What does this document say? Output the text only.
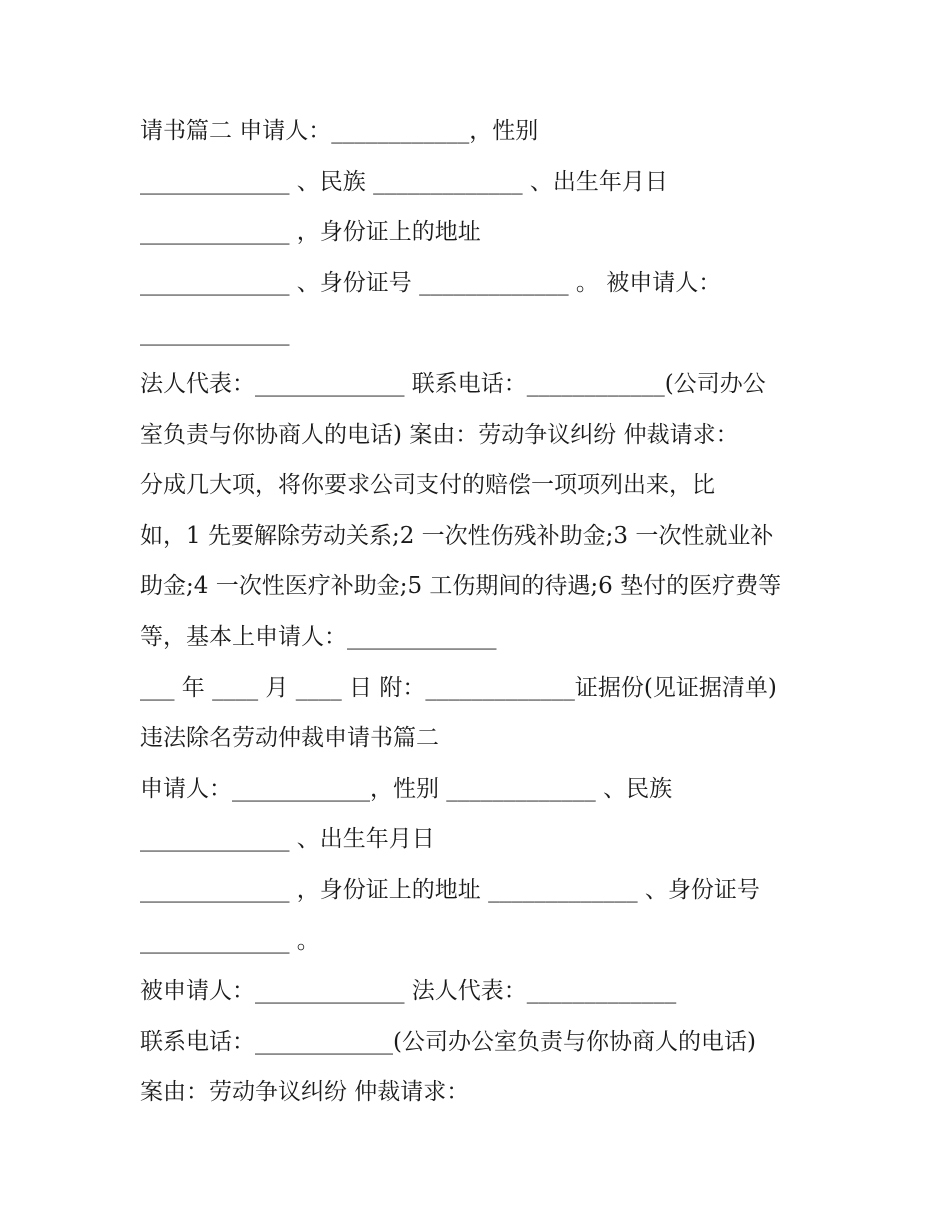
请书篇二 申请人：____________，性别
_____________ 、民族 _____________ 、出生年月日
_____________ ，身份证上的地址
_____________ 、身份证号 _____________ 。 被申请人：
_____________
法人代表：_____________ 联系电话：____________(公司办公
室负责与你协商人的电话) 案由：劳动争议纠纷 仲裁请求：
分成几大项，将你要求公司支付的赔偿一项项列出来，比
如，1 先要解除劳动关系;2 一次性伤残补助金;3 一次性就业补
助金;4 一次性医疗补助金;5 工伤期间的待遇;6 垫付的医疗费等
等，基本上申请人：_____________
___ 年 ____ 月 ____ 日 附：_____________证据份(见证据清单)
违法除名劳动仲裁申请书篇二
申请人：____________，性别 _____________ 、民族
_____________ 、出生年月日
_____________ ，身份证上的地址 _____________ 、身份证号
_____________ 。
被申请人：_____________ 法人代表：_____________
联系电话：____________(公司办公室负责与你协商人的电话)
案由：劳动争议纠纷 仲裁请求：
